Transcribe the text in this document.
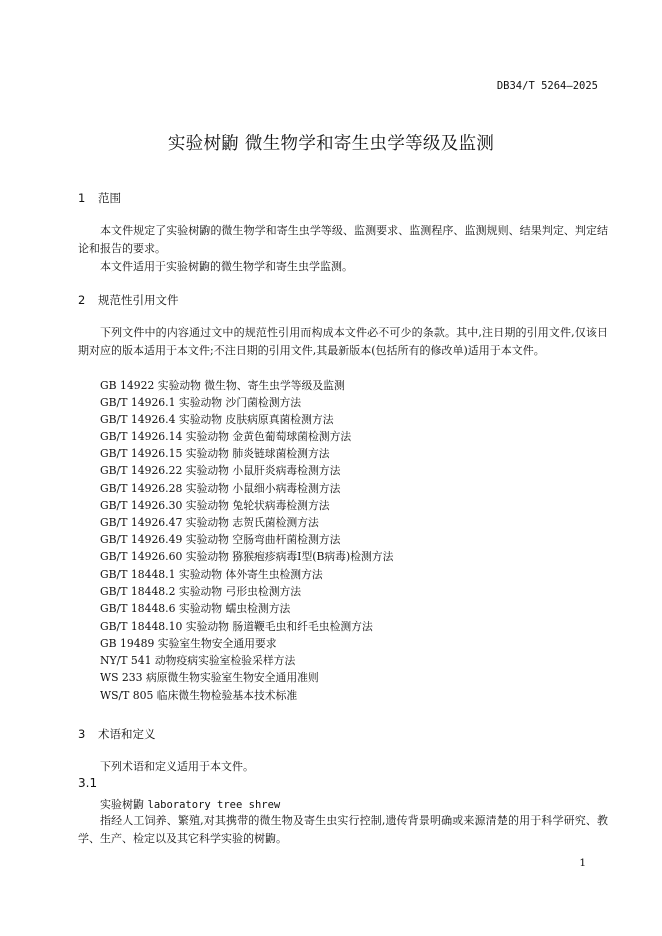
DB34/T 5264—2025
实验树鼩 微生物学和寄生虫学等级及监测
1 范围
本文件规定了实验树鼩的微生物学和寄生虫学等级、监测要求、监测程序、监测规则、结果判定、判定结论和报告的要求。
本文件适用于实验树鼩的微生物学和寄生虫学监测。
2 规范性引用文件
下列文件中的内容通过文中的规范性引用而构成本文件必不可少的条款。其中,注日期的引用文件,仅该日期对应的版本适用于本文件;不注日期的引用文件,其最新版本(包括所有的修改单)适用于本文件。
GB 14922 实验动物 微生物、寄生虫学等级及监测
GB/T 14926.1 实验动物 沙门菌检测方法
GB/T 14926.4 实验动物 皮肤病原真菌检测方法
GB/T 14926.14 实验动物 金黄色葡萄球菌检测方法
GB/T 14926.15 实验动物 肺炎链球菌检测方法
GB/T 14926.22 实验动物 小鼠肝炎病毒检测方法
GB/T 14926.28 实验动物 小鼠细小病毒检测方法
GB/T 14926.30 实验动物 兔轮状病毒检测方法
GB/T 14926.47 实验动物 志贺氏菌检测方法
GB/T 14926.49 实验动物 空肠弯曲杆菌检测方法
GB/T 14926.60 实验动物 猕猴疱疹病毒I型(B病毒)检测方法
GB/T 18448.1 实验动物 体外寄生虫检测方法
GB/T 18448.2 实验动物 弓形虫检测方法
GB/T 18448.6 实验动物 蠕虫检测方法
GB/T 18448.10 实验动物 肠道鞭毛虫和纤毛虫检测方法
GB 19489 实验室生物安全通用要求
NY/T 541 动物疫病实验室检验采样方法
WS 233 病原微生物实验室生物安全通用准则
WS/T 805 临床微生物检验基本技术标准
3 术语和定义
下列术语和定义适用于本文件。
3.1
实验树鼩 laboratory tree shrew
指经人工饲养、繁殖,对其携带的微生物及寄生虫实行控制,遗传背景明确或来源清楚的用于科学研究、教学、生产、检定以及其它科学实验的树鼩。
1
